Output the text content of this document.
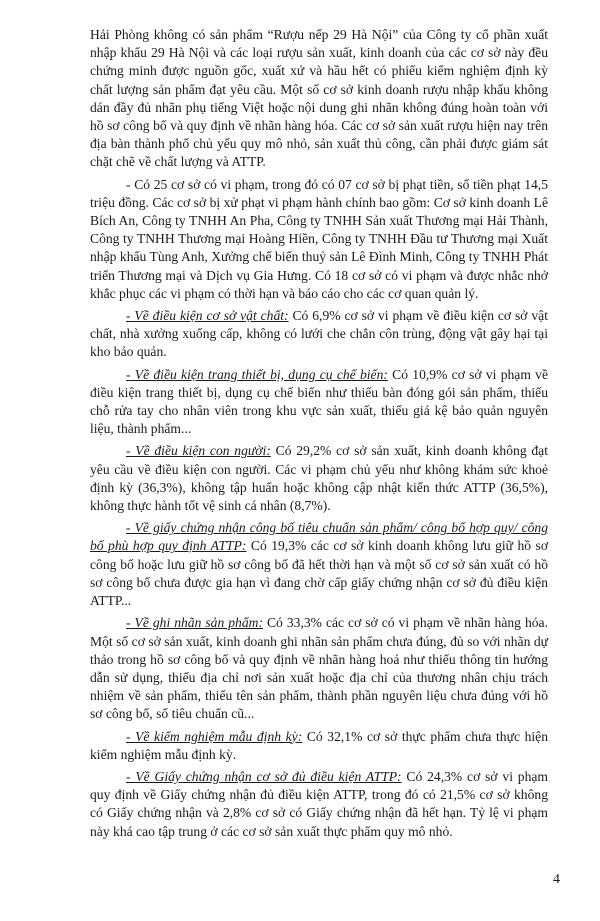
Hải Phòng không có sản phẩm “Rượu nếp 29 Hà Nội” của Công ty cổ phần xuất nhập khẩu 29 Hà Nội và các loại rượu sản xuất, kinh doanh của các cơ sở này đều chứng minh được nguồn gốc, xuất xứ và hầu hết có phiếu kiểm nghiệm định kỳ chất lượng sản phẩm đạt yêu cầu. Một số cơ sở kinh doanh rượu nhập khẩu không dán đầy đủ nhãn phụ tiếng Việt hoặc nội dung ghi nhãn không đúng hoàn toàn với hồ sơ công bố và quy định về nhãn hàng hóa. Các cơ sở sản xuất rượu hiện nay trên địa bàn thành phố chủ yếu quy mô nhỏ, sản xuất thủ công, cần phải được giám sát chặt chẽ về chất lượng và ATTP.

- Có 25 cơ sở có vi phạm, trong đó có 07 cơ sở bị phạt tiền, số tiền phạt 14,5 triệu đồng. Các cơ sở bị xử phạt vi phạm hành chính bao gồm: Cơ sở kinh doanh Lê Bích An, Công ty TNHH An Pha, Công ty TNHH Sản xuất Thương mại Hải Thành, Công ty TNHH Thương mại Hoàng Hiền, Công ty TNHH Đầu tư Thương mại Xuất nhập khẩu Tùng Anh, Xưởng chế biến thuỷ sản Lê Đình Minh, Công ty TNHH Phát triển Thương mại và Dịch vụ Gia Hưng. Có 18 cơ sở có vi phạm và được nhắc nhở khắc phục các vi phạm có thời hạn và báo cáo cho các cơ quan quản lý.

- Về điều kiện cơ sở vật chất: Có 6,9% cơ sở vi phạm về điều kiện cơ sở vật chất, nhà xưởng xuống cấp, không có lưới che chắn côn trùng, động vật gây hại tại kho bảo quản.

- Về điều kiện trang thiết bị, dụng cụ chế biến: Có 10,9% cơ sở vi phạm về điều kiện trang thiết bị, dụng cụ chế biến như thiếu bàn đóng gói sản phẩm, thiếu chỗ rửa tay cho nhân viên trong khu vực sản xuất, thiếu giá kệ bảo quản nguyên liệu, thành phẩm...

- Về điều kiện con người: Có 29,2% cơ sở sản xuất, kinh doanh không đạt yêu cầu về điều kiện con người. Các vi phạm chủ yếu như không khám sức khoẻ định kỳ (36,3%), không tập huấn hoặc không cập nhật kiến thức ATTP (36,5%), không thực hành tốt vệ sinh cá nhân (8,7%).

- Về giấy chứng nhận công bố tiêu chuẩn sản phẩm/ công bố hợp quy/ công bố phù hợp quy định ATTP: Có 19,3% các cơ sở kinh doanh không lưu giữ hồ sơ công bố hoặc lưu giữ hồ sơ công bố đã hết thời hạn và một số cơ sở sản xuất có hồ sơ công bố chưa được gia hạn vì đang chờ cấp giấy chứng nhận cơ sở đủ điều kiện ATTP...

- Về ghi nhãn sản phẩm: Có 33,3% các cơ sở có vi phạm về nhãn hàng hóa. Một số cơ sở sản xuất, kinh doanh ghi nhãn sản phẩm chưa đúng, đủ so với nhãn dự thảo trong hồ sơ công bố và quy định về nhãn hàng hoá như thiếu thông tin hướng dẫn sử dụng, thiếu địa chỉ nơi sản xuất hoặc địa chỉ của thương nhân chịu trách nhiệm về sản phẩm, thiếu tên sản phẩm, thành phần nguyên liệu chưa đúng với hồ sơ công bố, số tiêu chuẩn cũ...

- Về kiểm nghiệm mẫu định kỳ: Có 32,1% cơ sở thực phẩm chưa thực hiện kiểm nghiệm mẫu định kỳ.

- Về Giấy chứng nhận cơ sở đủ điều kiện ATTP: Có 24,3% cơ sở vi phạm quy định về Giấy chứng nhận đủ điều kiện ATTP, trong đó có 21,5% cơ sở không có Giấy chứng nhận và 2,8% cơ sở có Giấy chứng nhận đã hết hạn. Tỷ lệ vi phạm này khá cao tập trung ở các cơ sở sản xuất thực phẩm quy mô nhỏ.

4
